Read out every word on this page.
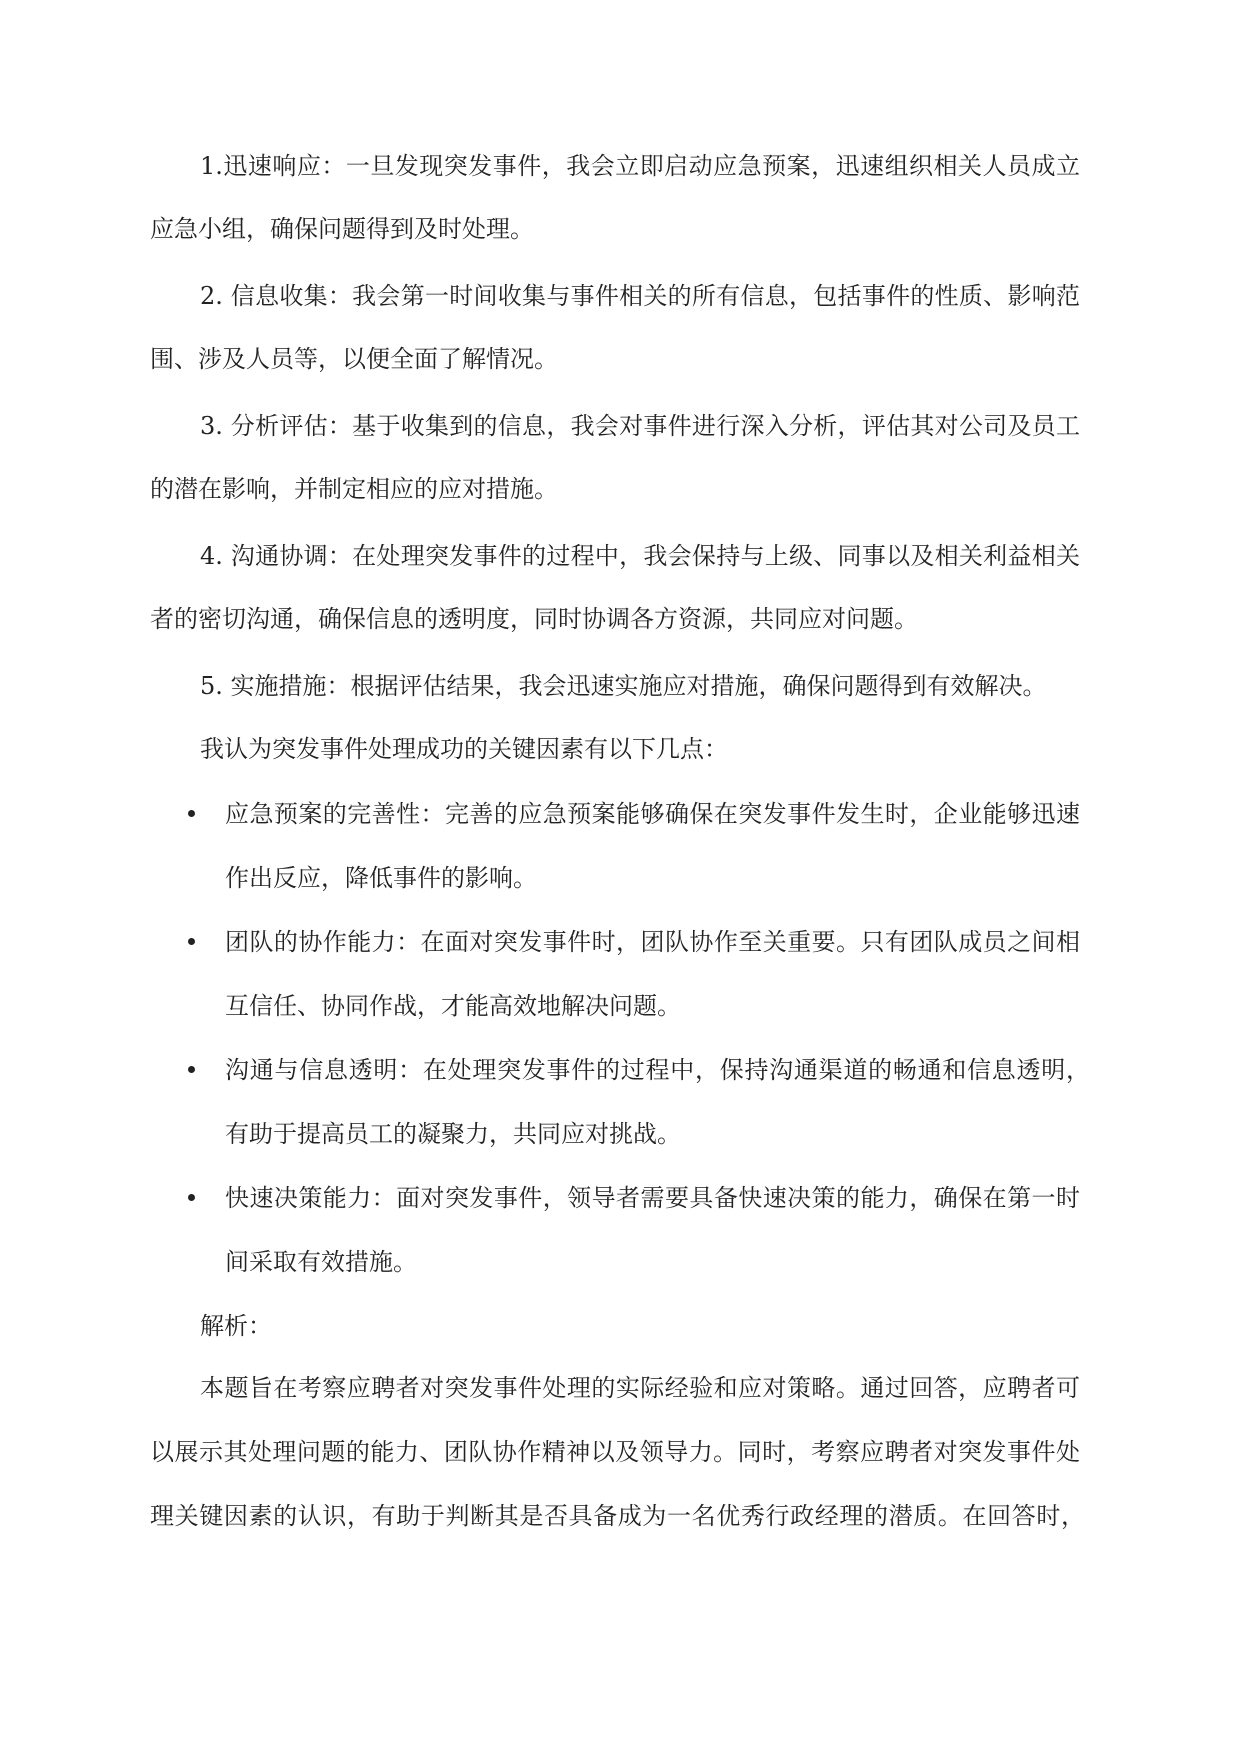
1.迅速响应：一旦发现突发事件，我会立即启动应急预案，迅速组织相关人员成立
应急小组，确保问题得到及时处理。
2. 信息收集：我会第一时间收集与事件相关的所有信息，包括事件的性质、影响范
围、涉及人员等，以便全面了解情况。
3. 分析评估：基于收集到的信息，我会对事件进行深入分析，评估其对公司及员工
的潜在影响，并制定相应的应对措施。
4. 沟通协调：在处理突发事件的过程中，我会保持与上级、同事以及相关利益相关
者的密切沟通，确保信息的透明度，同时协调各方资源，共同应对问题。
5. 实施措施：根据评估结果，我会迅速实施应对措施，确保问题得到有效解决。
我认为突发事件处理成功的关键因素有以下几点：
应急预案的完善性：完善的应急预案能够确保在突发事件发生时，企业能够迅速
作出反应，降低事件的影响。
团队的协作能力：在面对突发事件时，团队协作至关重要。只有团队成员之间相
互信任、协同作战，才能高效地解决问题。
沟通与信息透明：在处理突发事件的过程中，保持沟通渠道的畅通和信息透明，
有助于提高员工的凝聚力，共同应对挑战。
快速决策能力：面对突发事件，领导者需要具备快速决策的能力，确保在第一时
间采取有效措施。
解析：
本题旨在考察应聘者对突发事件处理的实际经验和应对策略。通过回答，应聘者可
以展示其处理问题的能力、团队协作精神以及领导力。同时，考察应聘者对突发事件处
理关键因素的认识，有助于判断其是否具备成为一名优秀行政经理的潜质。在回答时，
